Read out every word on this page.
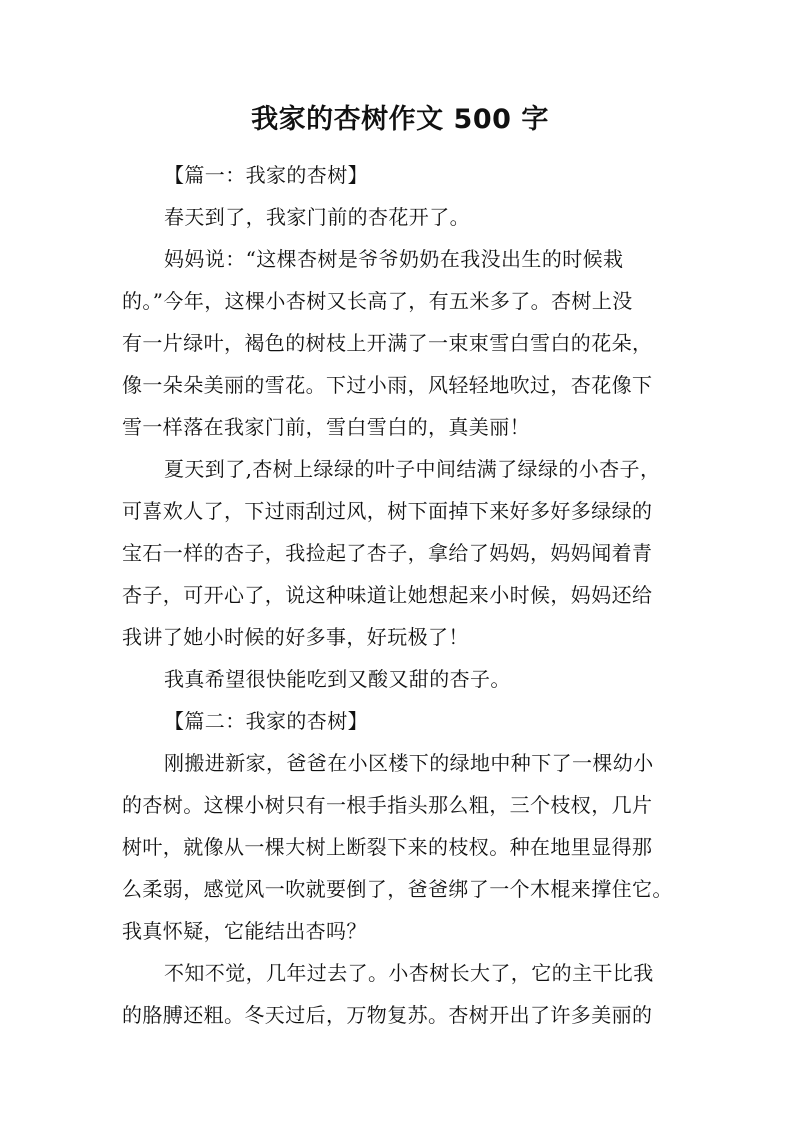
我家的杏树作文 500 字
【篇一：我家的杏树】
春天到了，我家门前的杏花开了。
妈妈说：“这棵杏树是爷爷奶奶在我没出生的时候栽
的。”今年，这棵小杏树又长高了，有五米多了。杏树上没
有一片绿叶，褐色的树枝上开满了一束束雪白雪白的花朵，
像一朵朵美丽的雪花。下过小雨，风轻轻地吹过，杏花像下
雪一样落在我家门前，雪白雪白的，真美丽！
夏天到了,杏树上绿绿的叶子中间结满了绿绿的小杏子，
可喜欢人了，下过雨刮过风，树下面掉下来好多好多绿绿的
宝石一样的杏子，我捡起了杏子，拿给了妈妈，妈妈闻着青
杏子，可开心了，说这种味道让她想起来小时候，妈妈还给
我讲了她小时候的好多事，好玩极了！
我真希望很快能吃到又酸又甜的杏子。
【篇二：我家的杏树】
刚搬进新家，爸爸在小区楼下的绿地中种下了一棵幼小
的杏树。这棵小树只有一根手指头那么粗，三个枝杈，几片
树叶，就像从一棵大树上断裂下来的枝杈。种在地里显得那
么柔弱，感觉风一吹就要倒了，爸爸绑了一个木棍来撑住它。
我真怀疑，它能结出杏吗？
不知不觉，几年过去了。小杏树长大了，它的主干比我
的胳膊还粗。冬天过后，万物复苏。杏树开出了许多美丽的
